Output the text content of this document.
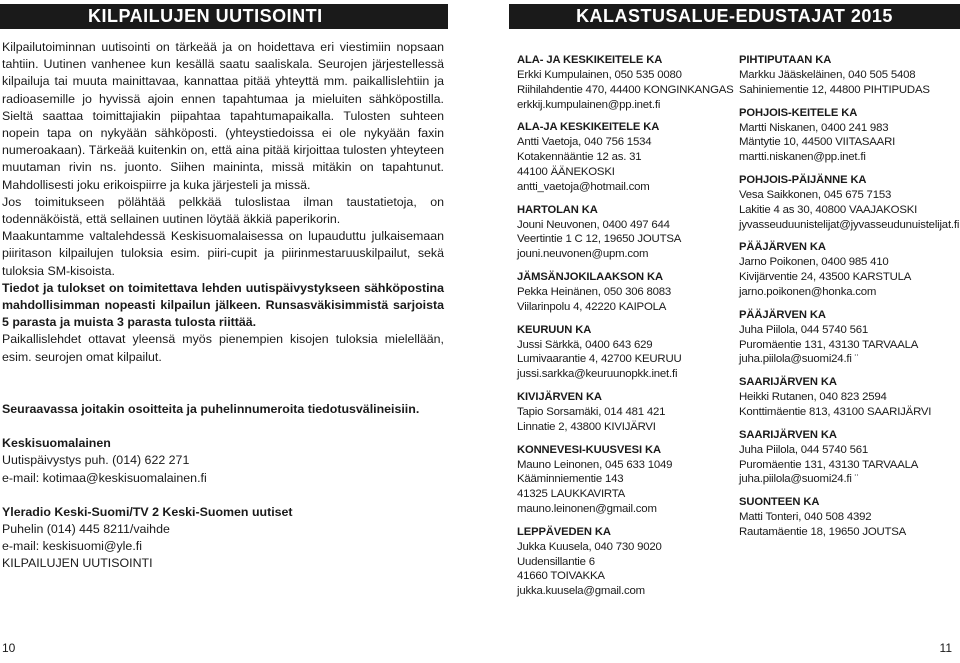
KILPAILUJEN UUTISOINTI

Kilpailutoiminnan uutisointi on tärkeää ja on hoidettava eri viestimiin nopsaan tahtiin. Uutinen vanhenee kun kesällä saatu saaliskala. Seurojen järjestellessä kilpailuja tai muuta mainittavaa, kannattaa pitää yhteyttä mm. paikallislehtiin ja radioasemille jo hyvissä ajoin ennen tapahtumaa ja mieluiten sähköpostilla. Sieltä saattaa toimittajiakin piipahtaa tapahtumapaikalla. Tulosten suhteen nopein tapa on nykyään sähköposti. (yhteystiedoissa ei ole nykyään faxin numeroakaan). Tärkeää kuitenkin on, että aina pitää kirjoittaa tulosten yhteyteen muutaman rivin ns. juonto. Siihen maininta, missä mitäkin on tapahtunut. Mahdollisesti joku erikoispiirre ja kuka järjesteli ja missä.

Jos toimitukseen pölähtää pelkkää tuloslistaa ilman taustatietoja, on todennäköistä, että sellainen uutinen löytää äkkiä paperikorin.

Maakuntamme valtalehdessä Keskisuomalaisessa on lupauduttu julkaisemaan piiritason kilpailujen tuloksia esim. piiri-cupit ja piirinmestaruuskilpailut, sekä tuloksia SM-kisoista.

Tiedot ja tulokset on toimitettava lehden uutispäivystykseen sähköpostina mahdollisimman nopeasti kilpailun jälkeen. Runsasväkisimmistä sarjoista 5 parasta ja muista 3 parasta tulosta riittää.

Paikallislehdet ottavat yleensä myös pienempien kisojen tuloksia mielellään, esim. seurojen omat kilpailut.

Seuraavassa joitakin osoitteita ja puhelinnumeroita tiedotusvälineisiin.

Keskisuomalainen

Uutispäivystys puh. (014) 622 271

e-mail: kotimaa@keskisuomalainen.fi

Yleradio Keski-Suomi/TV 2 Keski-Suomen uutiset

Puhelin (014) 445 8211/vaihde

e-mail: keskisuomi@yle.fi

KILPAILUJEN UUTISOINTI

10
KALASTUSALUE-EDUSTAJAT 2015
ALA- JA KESKIKEITELE KA
Erkki Kumpulainen, 050 535 0080
Riihilahdentie 470, 44400 KONGINKANGAS
erkkij.kumpulainen@pp.inet.fi
ALA-JA KESKIKEITELE KA
Antti Vaetoja, 040 756 1534
Kotakennääntie 12 as. 31
44100 ÄÄNEKOSKI
antti_vaetoja@hotmail.com
HARTOLAN KA
Jouni Neuvonen, 0400 497 644
Veertintie 1 C 12, 19650 JOUTSA
jouni.neuvonen@upm.com
JÄMSÄNJOKILAAKSON KA
Pekka Heinänen, 050 306 8083
Viilarinpolu 4, 42220 KAIPOLA
KEURUUN KA
Jussi Särkkä, 0400 643 629
Lumivaarantie 4, 42700 KEURUU
jussi.sarkka@keuruunopkk.inet.fi
KIVIJÄRVEN KA
Tapio Sorsamäki, 014 481 421
Linnatie 2, 43800 KIVIJÄRVI
KONNEVESI-KUUSVESI KA
Mauno Leinonen, 045 633 1049
Kääminniementie 143
41325 LAUKKAVIRTA
mauno.leinonen@gmail.com
LEPPÄVEDEN KA
Jukka Kuusela, 040 730 9020
Uudensillantie 6
41660 TOIVAKKA
jukka.kuusela@gmail.com
PIHTIPUTAAN KA
Markku Jääskeläinen, 040 505 5408
Sahiniementie 12, 44800 PIHTIPUDAS
POHJOIS-KEITELE KA
Martti Niskanen, 0400 241 983
Mäntytie 10, 44500 VIITASAARI
martti.niskanen@pp.inet.fi
POHJOIS-PÄIJÄNNE KA
Vesa Saikkonen, 045 675 7153
Lakitie 4 as 30, 40800 VAAJAKOSKI
jyvasseuduunistelijat@jyvasseudunuistelijat.fi
PÄÄJÄRVEN KA
Jarno Poikonen, 0400 985 410
Kivijärventie 24, 43500 KARSTULA
jarno.poikonen@honka.com
PÄÄJÄRVEN KA
Juha Piilola, 044 5740 561
Puromäentie 131, 43130 TARVAALA
juha.piilola@suomi24.fi ¨
SAARIJÄRVEN KA
Heikki Rutanen, 040 823 2594
Konttimäentie 813, 43100 SAARIJÄRVI
SAARIJÄRVEN KA
Juha Piilola, 044 5740 561
Puromäentie 131, 43130 TARVAALA
juha.piilola@suomi24.fi ¨
SUONTEEN KA
Matti Tonteri, 040 508 4392
Rautamäentie 18, 19650 JOUTSA
11
